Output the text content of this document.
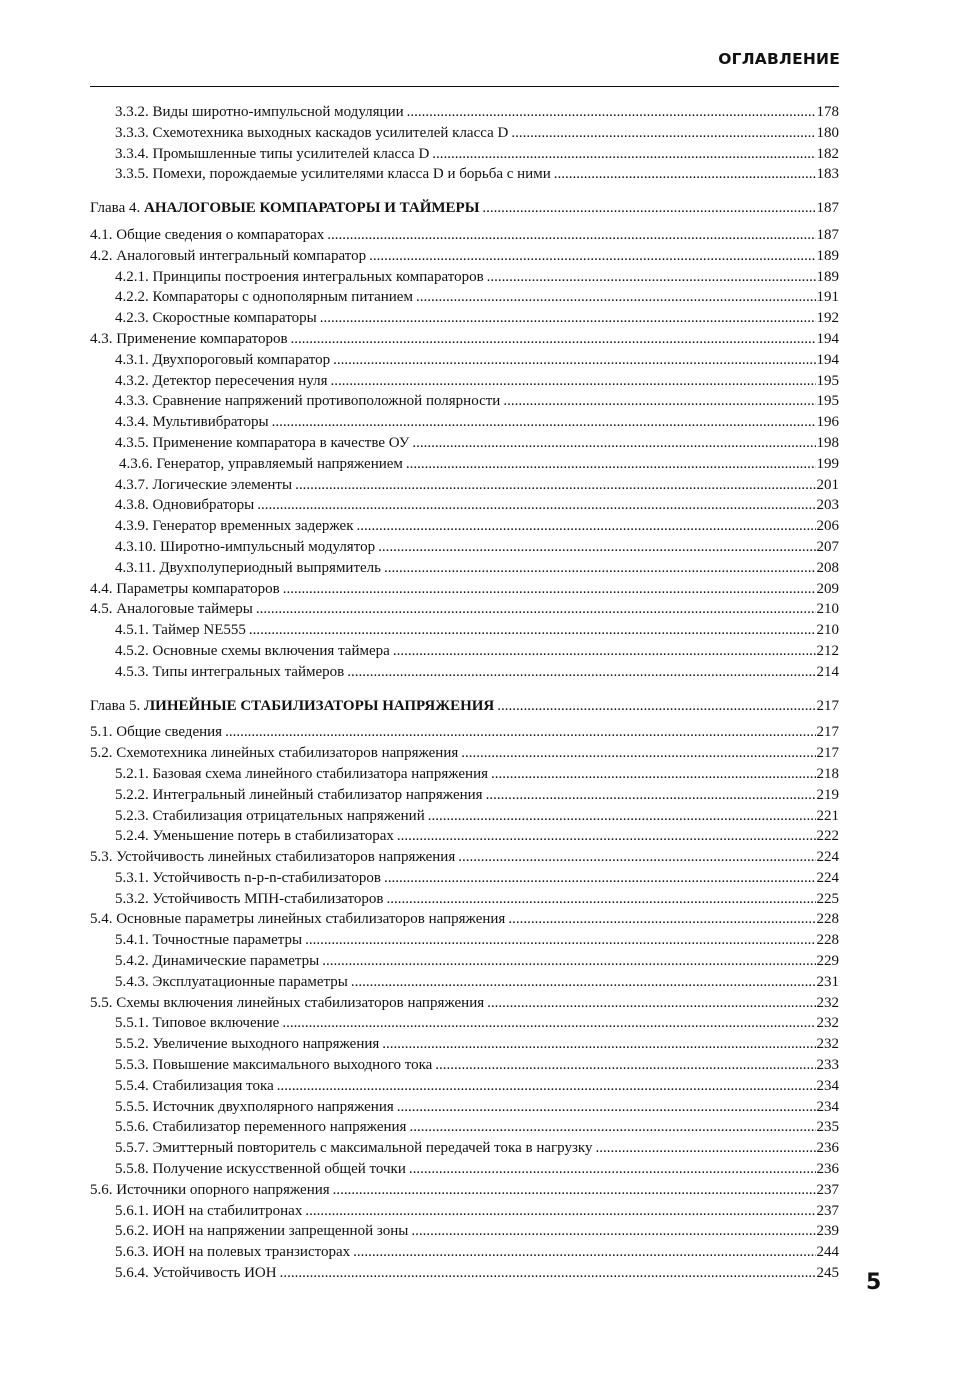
ОГЛАВЛЕНИЕ
3.3.2. Виды широтно-импульсной модуляции .....	178
3.3.3. Схемотехника выходных каскадов усилителей класса D .....	180
3.3.4. Промышленные типы усилителей класса D .....	182
3.3.5. Помехи, порождаемые усилителями класса D и борьба с ними .....	183
Глава 4. АНАЛОГОВЫЕ КОМПАРАТОРЫ И ТАЙМЕРЫ .....	187
4.1. Общие сведения о компараторах .....	187
4.2. Аналоговый интегральный компаратор .....	189
4.2.1. Принципы построения интегральных компараторов .....	189
4.2.2. Компараторы с однополярным питанием .....	191
4.2.3. Скоростные компараторы .....	192
4.3. Применение компараторов .....	194
4.3.1. Двухпороговый компаратор .....	194
4.3.2. Детектор пересечения нуля .....	195
4.3.3. Сравнение напряжений противоположной полярности .....	195
4.3.4. Мультивибраторы .....	196
4.3.5. Применение компаратора в качестве ОУ .....	198
4.3.6. Генератор, управляемый напряжением .....	199
4.3.7. Логические элементы .....	201
4.3.8. Одновибраторы .....	203
4.3.9. Генератор временных задержек .....	206
4.3.10. Широтно-импульсный модулятор .....	207
4.3.11. Двухполупериодный выпрямитель .....	208
4.4. Параметры компараторов .....	209
4.5. Аналоговые таймеры .....	210
4.5.1. Таймер NE555 .....	210
4.5.2. Основные схемы включения таймера .....	212
4.5.3. Типы интегральных таймеров .....	214
Глава 5. ЛИНЕЙНЫЕ СТАБИЛИЗАТОРЫ НАПРЯЖЕНИЯ .....	217
5.1. Общие сведения .....	217
5.2. Схемотехника линейных стабилизаторов напряжения .....	217
5.2.1. Базовая схема линейного стабилизатора напряжения .....	218
5.2.2. Интегральный линейный стабилизатор напряжения .....	219
5.2.3. Стабилизация отрицательных напряжений .....	221
5.2.4. Уменьшение потерь в стабилизаторах .....	222
5.3. Устойчивость линейных стабилизаторов напряжения .....	224
5.3.1. Устойчивость n-p-n-стабилизаторов .....	224
5.3.2. Устойчивость МПН-стабилизаторов .....	225
5.4. Основные параметры линейных стабилизаторов напряжения .....	228
5.4.1. Точностные параметры .....	228
5.4.2. Динамические параметры .....	229
5.4.3. Эксплуатационные параметры .....	231
5.5. Схемы включения линейных стабилизаторов напряжения .....	232
5.5.1. Типовое включение .....	232
5.5.2. Увеличение выходного напряжения .....	232
5.5.3. Повышение максимального выходного тока .....	233
5.5.4. Стабилизация тока .....	234
5.5.5. Источник двухполярного напряжения .....	234
5.5.6. Стабилизатор переменного напряжения .....	235
5.5.7. Эмиттерный повторитель с максимальной передачей тока в нагрузку .....	236
5.5.8. Получение искусственной общей точки .....	236
5.6. Источники опорного напряжения .....	237
5.6.1. ИОН на стабилитронах .....	237
5.6.2. ИОН на напряжении запрещенной зоны .....	239
5.6.3. ИОН на полевых транзисторах .....	244
5.6.4. Устойчивость ИОН .....	245 5
